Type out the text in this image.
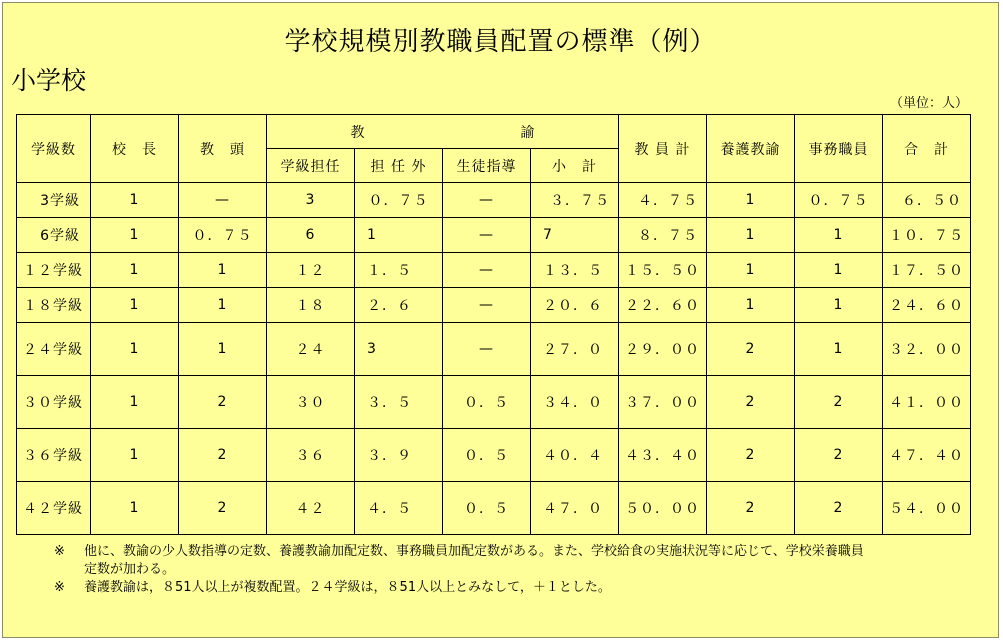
学校規模別教職員配置の標準（例）
小学校
（単位：人）
学級数	校　長	教　頭	教 諭				教 員 計	養護教諭	事務職員	合　計
			学級担任	担 任 外	生徒指導	小　計				
3学級	1	—	3	０．７５	—	３．７５	４．７５	1	０．７５	６．５０
6学級	1	０．７５	6	1	—	7	８．７５	1	1	１０．７５
１２学級	1	1	１２	１．５	—	１３．５	１５．５０	1	1	１７．５０
１８学級	1	1	１８	２．６	—	２０．６	２２．６０	1	1	２４．６０
２４学級	1	1	２４	3	—	２７．０	２９．００	2	1	３２．００
３０学級	1	2	３０	３．５	０．５	３４．０	３７．００	2	2	４１．００
３６学級	1	2	３６	３．９	０．５	４０．４	４３．４０	2	2	４７．４０
４２学級	1	2	４２	４．５	０．５	４７．０	５０．００	2	2	５４．００
※ 他に、教諭の少人数指導の定数、養護教諭加配定数、事務職員加配定数がある。また、学校給食の実施状況等に応じて、学校栄養職員
定数が加わる。
※ 養護教諭は，８51人以上が複数配置。２４学級は，８51人以上とみなして，＋１とした。
